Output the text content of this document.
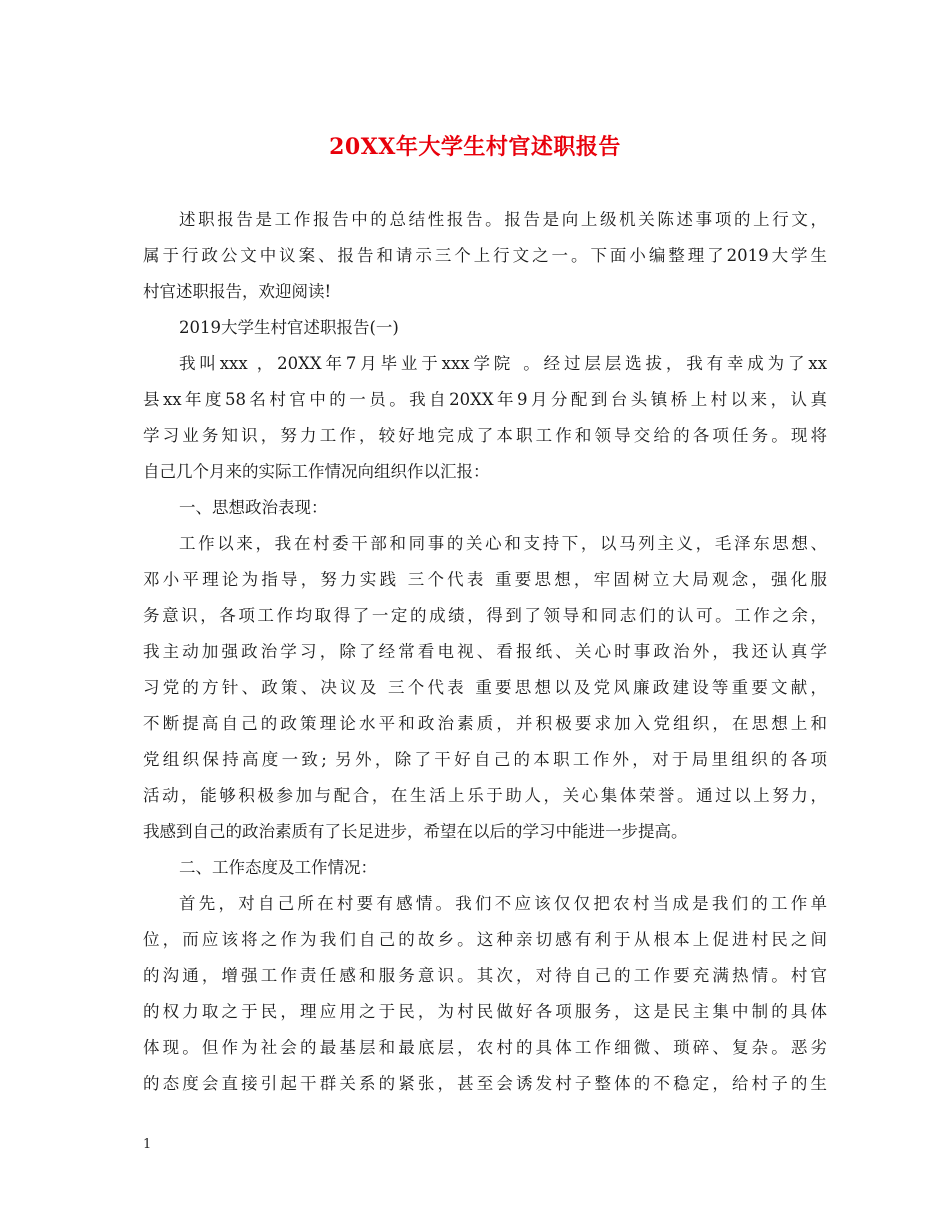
20XX年大学生村官述职报告
述职报告是工作报告中的总结性报告。报告是向上级机关陈述事项的上行文，
属于行政公文中议案、报告和请示三个上行文之一。下面小编整理了2019大学生
村官述职报告，欢迎阅读!
2019大学生村官述职报告(一)
我叫xxx ，20XX年7月毕业于xxx学院 。经过层层选拔，我有幸成为了xx
县xx年度58名村官中的一员。我自20XX年9月分配到台头镇桥上村以来，认真
学习业务知识，努力工作，较好地完成了本职工作和领导交给的各项任务。现将
自己几个月来的实际工作情况向组织作以汇报：
一、思想政治表现：
工作以来，我在村委干部和同事的关心和支持下，以马列主义，毛泽东思想、
邓小平理论为指导，努力实践 三个代表 重要思想，牢固树立大局观念，强化服
务意识，各项工作均取得了一定的成绩，得到了领导和同志们的认可。工作之余，
我主动加强政治学习，除了经常看电视、看报纸、关心时事政治外，我还认真学
习党的方针、政策、决议及 三个代表 重要思想以及党风廉政建设等重要文献，
不断提高自己的政策理论水平和政治素质，并积极要求加入党组织，在思想上和
党组织保持高度一致; 另外，除了干好自己的本职工作外，对于局里组织的各项
活动，能够积极参加与配合，在生活上乐于助人，关心集体荣誉。通过以上努力，
我感到自己的政治素质有了长足进步，希望在以后的学习中能进一步提高。
二、工作态度及工作情况：
首先，对自己所在村要有感情。我们不应该仅仅把农村当成是我们的工作单
位，而应该将之作为我们自己的故乡。这种亲切感有利于从根本上促进村民之间
的沟通，增强工作责任感和服务意识。其次，对待自己的工作要充满热情。村官
的权力取之于民，理应用之于民，为村民做好各项服务，这是民主集中制的具体
体现。但作为社会的最基层和最底层，农村的具体工作细微、琐碎、复杂。恶劣
的态度会直接引起干群关系的紧张，甚至会诱发村子整体的不稳定，给村子的生
1
